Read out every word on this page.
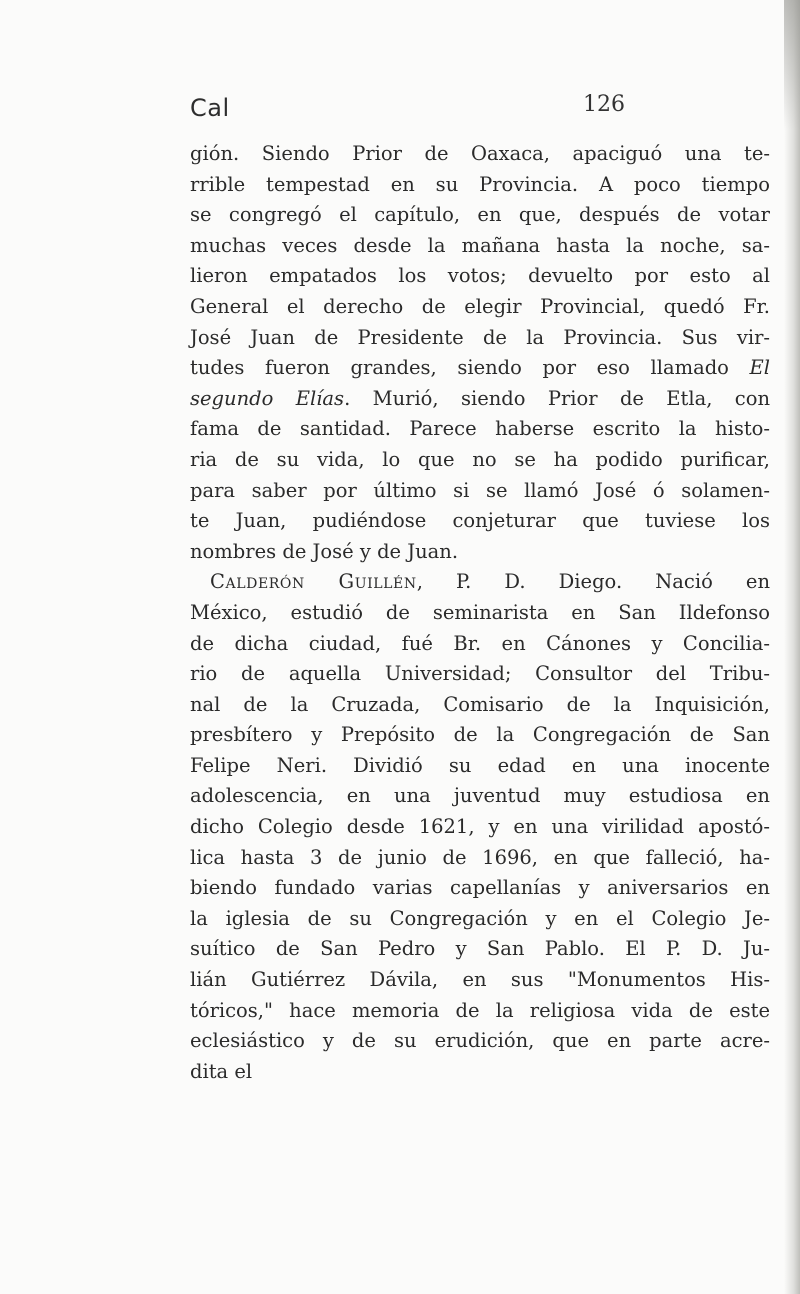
Cal	126
gión. Siendo Prior de Oaxaca, apaciguó una te-
rrible tempestad en su Provincia. A poco tiempo
se congregó el capítulo, en que, después de votar
muchas veces desde la mañana hasta la noche, sa-
lieron empatados los votos; devuelto por esto al
General el derecho de elegir Provincial, quedó Fr.
José Juan de Presidente de la Provincia. Sus vir-
tudes fueron grandes, siendo por eso llamado El
segundo Elías. Murió, siendo Prior de Etla, con
fama de santidad. Parece haberse escrito la histo-
ria de su vida, lo que no se ha podido purificar,
para saber por último si se llamó José ó solamen-
te Juan, pudiéndose conjeturar que tuviese los
nombres de José y de Juan.
Calderón Guillén, P. D. Diego. Nació en
México, estudió de seminarista en San Ildefonso
de dicha ciudad, fué Br. en Cánones y Concilia-
rio de aquella Universidad; Consultor del Tribu-
nal de la Cruzada, Comisario de la Inquisición,
presbítero y Prepósito de la Congregación de San
Felipe Neri. Dividió su edad en una inocente
adolescencia, en una juventud muy estudiosa en
dicho Colegio desde 1621, y en una virilidad apostó-
lica hasta 3 de junio de 1696, en que falleció, ha-
biendo fundado varias capellanías y aniversarios en
la iglesia de su Congregación y en el Colegio Je-
suítico de San Pedro y San Pablo. El P. D. Ju-
lián Gutiérrez Dávila, en sus "Monumentos His-
tóricos," hace memoria de la religiosa vida de este
eclesiástico y de su erudición, que en parte acre-
dita el
